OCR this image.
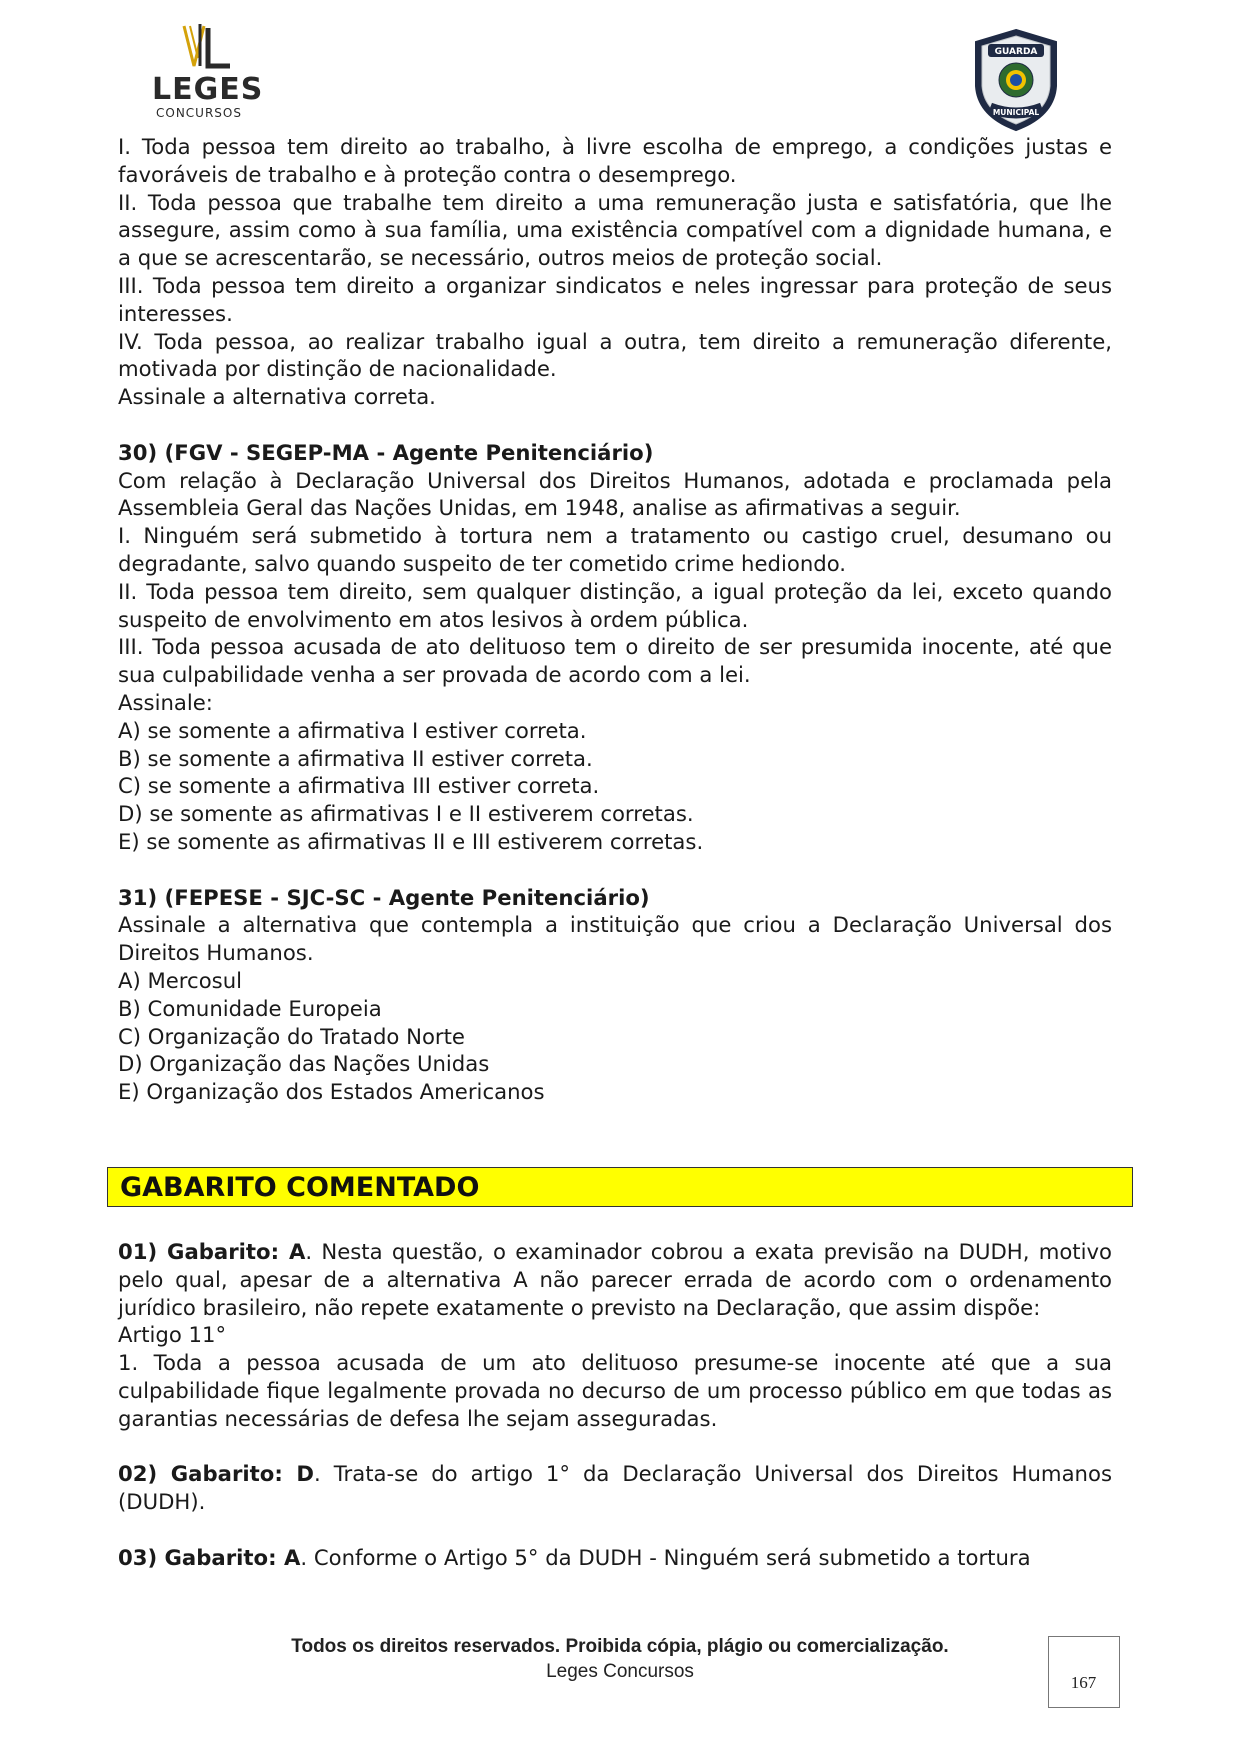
LEGES
CONCURSOS
GUARDA
MUNICIPAL

I. Toda pessoa tem direito ao trabalho, à livre escolha de emprego, a condições justas e favoráveis de trabalho e à proteção contra o desemprego.

II. Toda pessoa que trabalhe tem direito a uma remuneração justa e satisfatória, que lhe assegure, assim como à sua família, uma existência compatível com a dignidade humana, e a que se acrescentarão, se necessário, outros meios de proteção social.

III. Toda pessoa tem direito a organizar sindicatos e neles ingressar para proteção de seus interesses.

IV. Toda pessoa, ao realizar trabalho igual a outra, tem direito a remuneração diferente, motivada por distinção de nacionalidade.

Assinale a alternativa correta.

30) (FGV - SEGEP-MA - Agente Penitenciário)

Com relação à Declaração Universal dos Direitos Humanos, adotada e proclamada pela Assembleia Geral das Nações Unidas, em 1948, analise as afirmativas a seguir.

I. Ninguém será submetido à tortura nem a tratamento ou castigo cruel, desumano ou degradante, salvo quando suspeito de ter cometido crime hediondo.

II. Toda pessoa tem direito, sem qualquer distinção, a igual proteção da lei, exceto quando suspeito de envolvimento em atos lesivos à ordem pública.

III. Toda pessoa acusada de ato delituoso tem o direito de ser presumida inocente, até que sua culpabilidade venha a ser provada de acordo com a lei.

Assinale:

A) se somente a afirmativa I estiver correta.

B) se somente a afirmativa II estiver correta.

C) se somente a afirmativa III estiver correta.

D) se somente as afirmativas I e II estiverem corretas.

E) se somente as afirmativas II e III estiverem corretas.

31) (FEPESE - SJC-SC - Agente Penitenciário)

Assinale a alternativa que contempla a instituição que criou a Declaração Universal dos Direitos Humanos.

A) Mercosul

B) Comunidade Europeia

C) Organização do Tratado Norte

D) Organização das Nações Unidas

E) Organização dos Estados Americanos

GABARITO COMENTADO

01) Gabarito: A. Nesta questão, o examinador cobrou a exata previsão na DUDH, motivo pelo qual, apesar de a alternativa A não parecer errada de acordo com o ordenamento jurídico brasileiro, não repete exatamente o previsto na Declaração, que assim dispõe:

Artigo 11°

1. Toda a pessoa acusada de um ato delituoso presume-se inocente até que a sua culpabilidade fique legalmente provada no decurso de um processo público em que todas as garantias necessárias de defesa lhe sejam asseguradas.

02) Gabarito: D. Trata-se do artigo 1° da Declaração Universal dos Direitos Humanos (DUDH).

03) Gabarito: A. Conforme o Artigo 5° da DUDH - Ninguém será submetido a tortura

Todos os direitos reservados. Proibida cópia, plágio ou comercialização.
Leges Concursos
167
